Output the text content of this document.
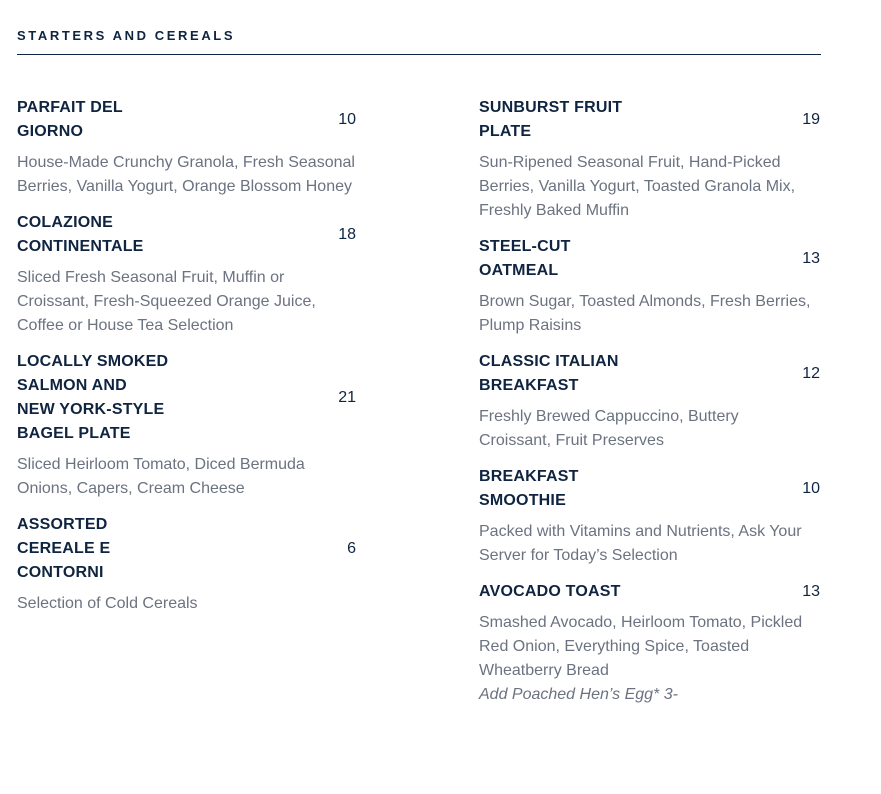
STARTERS AND CEREALS
PARFAIT DEL
GIORNO
10
House-Made Crunchy Granola, Fresh Seasonal
Berries, Vanilla Yogurt, Orange Blossom Honey
COLAZIONE
CONTINENTALE
18
Sliced Fresh Seasonal Fruit, Muffin or
Croissant, Fresh-Squeezed Orange Juice,
Coffee or House Tea Selection
LOCALLY SMOKED
SALMON AND
NEW YORK-STYLE
BAGEL PLATE
21
Sliced Heirloom Tomato, Diced Bermuda
Onions, Capers, Cream Cheese
ASSORTED
CEREALE E
CONTORNI
6
Selection of Cold Cereals
SUNBURST FRUIT
PLATE
19
Sun-Ripened Seasonal Fruit, Hand-Picked
Berries, Vanilla Yogurt, Toasted Granola Mix,
Freshly Baked Muffin
STEEL-CUT
OATMEAL
13
Brown Sugar, Toasted Almonds, Fresh Berries,
Plump Raisins
CLASSIC ITALIAN
BREAKFAST
12
Freshly Brewed Cappuccino, Buttery
Croissant, Fruit Preserves
BREAKFAST
SMOOTHIE
10
Packed with Vitamins and Nutrients, Ask Your
Server for Today’s Selection
AVOCADO TOAST	13
Smashed Avocado, Heirloom Tomato, Pickled
Red Onion, Everything Spice, Toasted
Wheatberry Bread
Add Poached Hen’s Egg* 3-
